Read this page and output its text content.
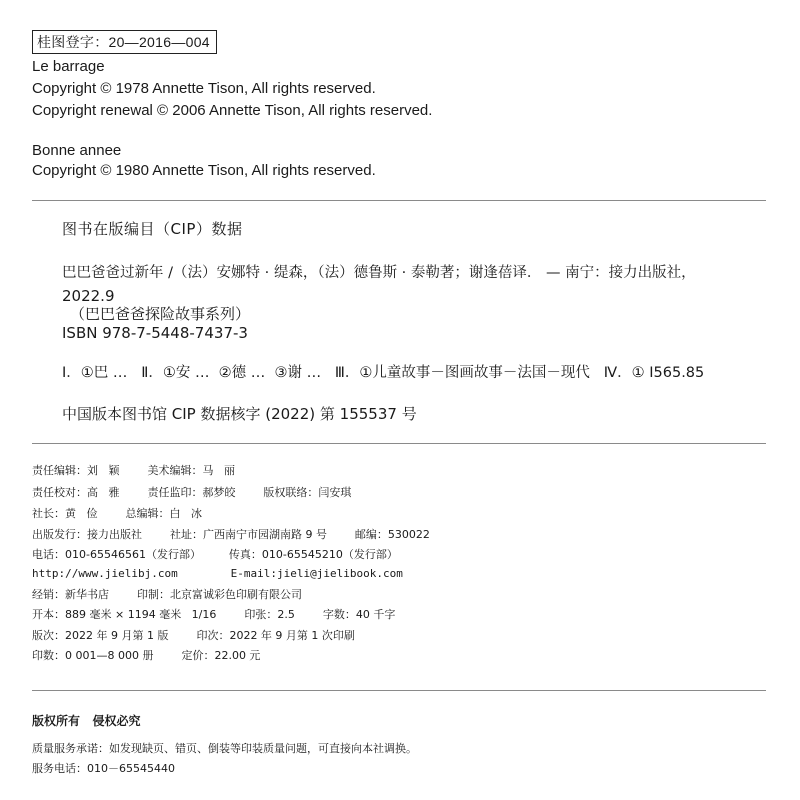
桂图登字：20—2016—004
Le barrage
Copyright © 1978 Annette Tison, All rights reserved.
Copyright renewal © 2006 Annette Tison, All rights reserved.
Bonne annee
Copyright © 1980 Annette Tison, All rights reserved.
图书在版编目（CIP）数据
巴巴爸爸过新年 /（法）安娜特 · 缇森，（法）德鲁斯 · 泰勒著；谢逢蓓译． — 南宁：接力出版社，
2022.9
（巴巴爸爸探险故事系列）
ISBN 978-7-5448-7437-3
Ⅰ．①巴 …   Ⅱ．①安 …  ②德 …  ③谢 …   Ⅲ．①儿童故事－图画故事－法国－现代   Ⅳ．① I565.85
中国版本图书馆 CIP 数据核字 (2022) 第 155537 号
责任编辑：刘   颖        美术编辑：马   丽
责任校对：高   雅        责任监印：郝梦皎        版权联络：闫安琪
社长：黄   俭        总编辑：白   冰
出版发行：接力出版社        社址：广西南宁市园湖南路 9 号        邮编：530022
电话：010-65546561（发行部）        传真：010-65545210（发行部）
http://www.jielibj.com        E-mail:jieli@jielibook.com
经销：新华书店        印制：北京富诚彩色印刷有限公司
开本：889 毫米 × 1194 毫米   1/16        印张：2.5        字数：40 千字
版次：2022 年 9 月第 1 版        印次：2022 年 9 月第 1 次印刷
印数：0 001—8 000 册        定价：22.00 元
版权所有   侵权必究
质量服务承诺：如发现缺页、错页、倒装等印装质量问题，可直接向本社调换。
服务电话：010－65545440
